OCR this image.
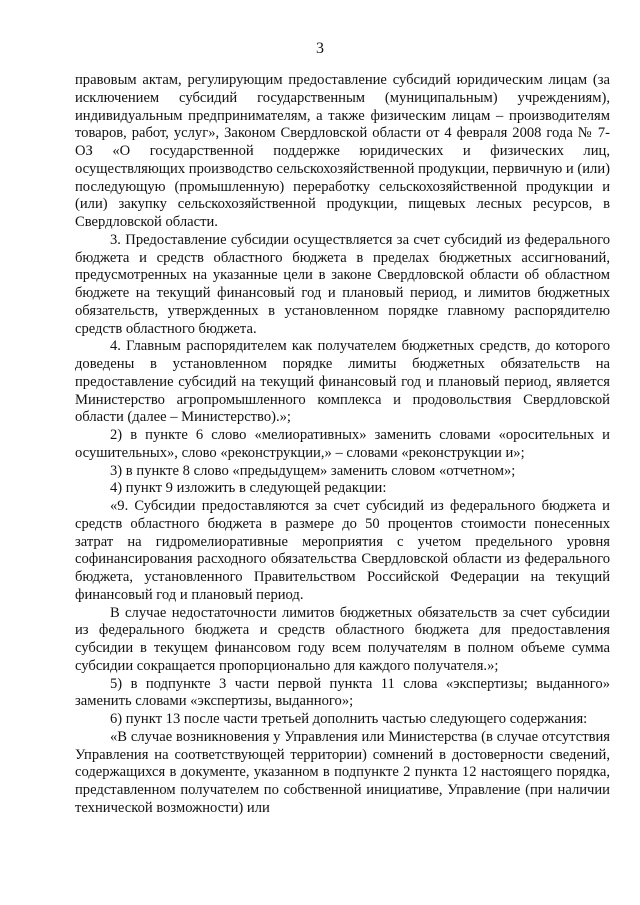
3

правовым актам, регулирующим предоставление субсидий юридическим лицам (за исключением субсидий государственным (муниципальным) учреждениям), индивидуальным предпринимателям, а также физическим лицам – производителям товаров, работ, услуг», Законом Свердловской области от 4 февраля 2008 года № 7-ОЗ «О государственной поддержке юридических и физических лиц, осуществляющих производство сельскохозяйственной продукции, первичную и (или) последующую (промышленную) переработку сельскохозяйственной продукции и (или) закупку сельскохозяйственной продукции, пищевых лесных ресурсов, в Свердловской области.

3. Предоставление субсидии осуществляется за счет субсидий из федерального бюджета и средств областного бюджета в пределах бюджетных ассигнований, предусмотренных на указанные цели в законе Свердловской области об областном бюджете на текущий финансовый год и плановый период, и лимитов бюджетных обязательств, утвержденных в установленном порядке главному распорядителю средств областного бюджета.

4. Главным распорядителем как получателем бюджетных средств, до которого доведены в установленном порядке лимиты бюджетных обязательств на предоставление субсидий на текущий финансовый год и плановый период, является Министерство агропромышленного комплекса и продовольствия Свердловской области (далее – Министерство).»;

2) в пункте 6 слово «мелиоративных» заменить словами «оросительных и осушительных», слово «реконструкции,» – словами «реконструкции и»;

3) в пункте 8 слово «предыдущем» заменить словом «отчетном»;

4) пункт 9 изложить в следующей редакции:

«9. Субсидии предоставляются за счет субсидий из федерального бюджета и средств областного бюджета в размере до 50 процентов стоимости понесенных затрат на гидромелиоративные мероприятия с учетом предельного уровня софинансирования расходного обязательства Свердловской области из федерального бюджета, установленного Правительством Российской Федерации на текущий финансовый год и плановый период.

В случае недостаточности лимитов бюджетных обязательств за счет субсидии из федерального бюджета и средств областного бюджета для предоставления субсидии в текущем финансовом году всем получателям в полном объеме сумма субсидии сокращается пропорционально для каждого получателя.»;

5) в подпункте 3 части первой пункта 11 слова «экспертизы; выданного» заменить словами «экспертизы, выданного»;

6) пункт 13 после части третьей дополнить частью следующего содержания:

«В случае возникновения у Управления или Министерства (в случае отсутствия Управления на соответствующей территории) сомнений в достоверности сведений, содержащихся в документе, указанном в подпункте 2 пункта 12 настоящего порядка, представленном получателем по собственной инициативе, Управление (при наличии технической возможности) или
